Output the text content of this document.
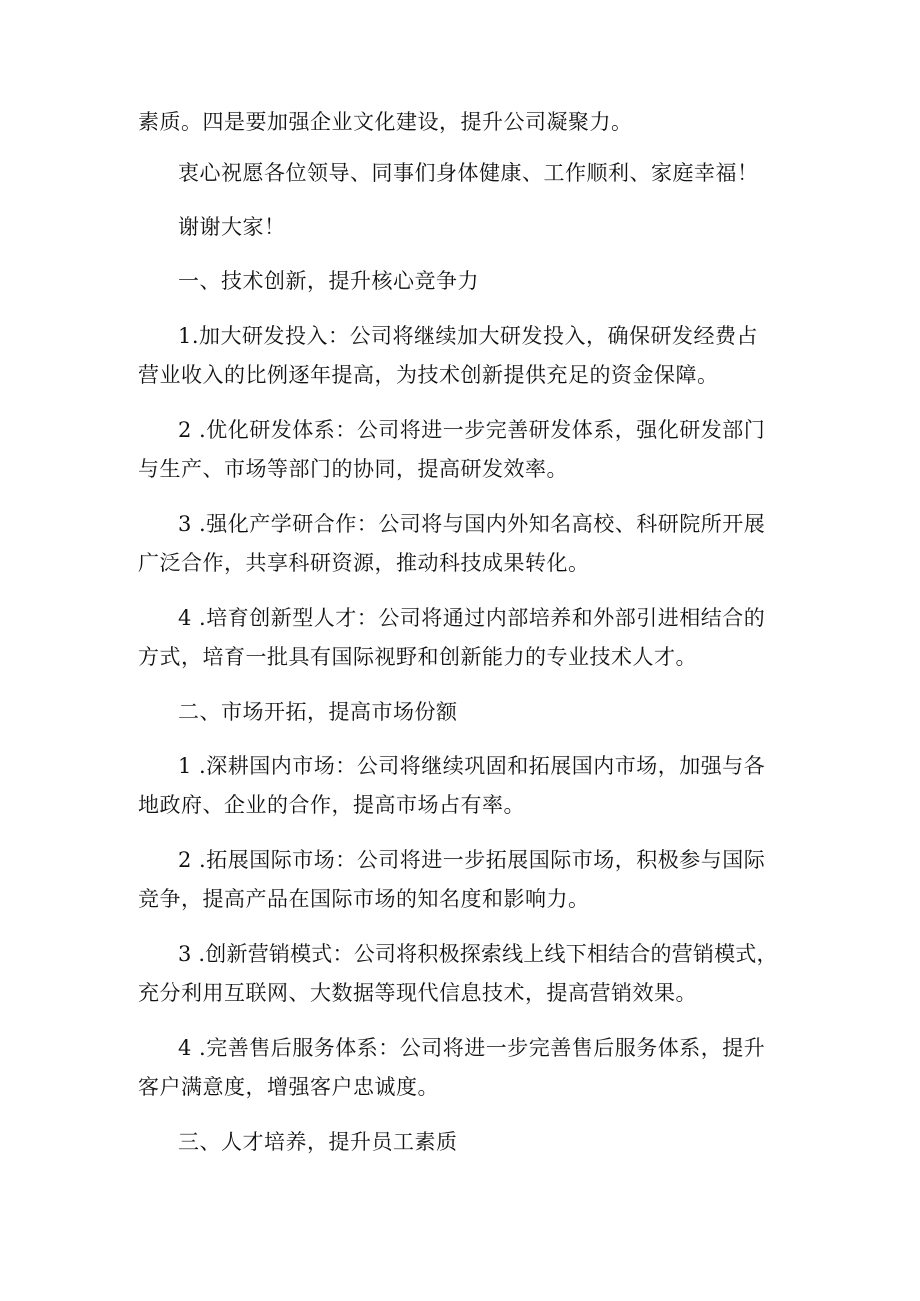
素质。四是要加强企业文化建设，提升公司凝聚力。
衷心祝愿各位领导、同事们身体健康、工作顺利、家庭幸福！
谢谢大家！
一、技术创新，提升核心竞争力
1.加大研发投入：公司将继续加大研发投入，确保研发经费占
营业收入的比例逐年提高，为技术创新提供充足的资金保障。
2 .优化研发体系：公司将进一步完善研发体系，强化研发部门
与生产、市场等部门的协同，提高研发效率。
3 .强化产学研合作：公司将与国内外知名高校、科研院所开展
广泛合作，共享科研资源，推动科技成果转化。
4 .培育创新型人才：公司将通过内部培养和外部引进相结合的
方式，培育一批具有国际视野和创新能力的专业技术人才。
二、市场开拓，提高市场份额
1 .深耕国内市场：公司将继续巩固和拓展国内市场，加强与各
地政府、企业的合作，提高市场占有率。
2 .拓展国际市场：公司将进一步拓展国际市场，积极参与国际
竞争，提高产品在国际市场的知名度和影响力。
3 .创新营销模式：公司将积极探索线上线下相结合的营销模式，
充分利用互联网、大数据等现代信息技术，提高营销效果。
4 .完善售后服务体系：公司将进一步完善售后服务体系，提升
客户满意度，增强客户忠诚度。
三、人才培养，提升员工素质
